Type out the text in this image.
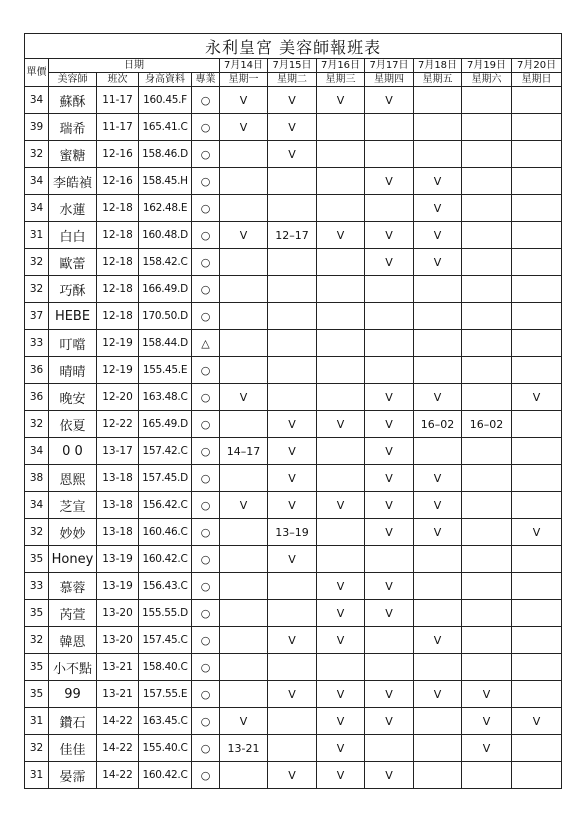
永利皇宮 美容師報班表											
單價	日期				7月14日	7月15日	7月16日	7月17日	7月18日	7月19日	7月20日
	美容師	班次	身高資料	專業	星期一	星期二	星期三	星期四	星期五	星期六	星期日
34	蘇酥	11-17	160.45.F	○	V	V	V	V			
39	瑞希	11-17	165.41.C	○	V	V					
32	蜜糖	12-16	158.46.D	○		V					
34	李皓禎	12-16	158.45.H	○				V	V		
34	水蓮	12-18	162.48.E	○					V		
31	白白	12-18	160.48.D	○	V	12–17	V	V	V		
32	歐蕾	12-18	158.42.C	○				V	V		
32	巧酥	12-18	166.49.D	○							
37	HEBE	12-18	170.50.D	○							
33	叮噹	12-19	158.44.D	△							
36	晴晴	12-19	155.45.E	○							
36	晚安	12-20	163.48.C	○	V			V	V		V
32	依夏	12-22	165.49.D	○		V	V	V	16–02	16–02	
34	0 0	13-17	157.42.C	○	14–17	V		V			
38	恩熙	13-18	157.45.D	○		V		V	V		
34	芝宣	13-18	156.42.C	○	V	V	V	V	V		
32	妙妙	13-18	160.46.C	○		13–19		V	V		V
35	Honey	13-19	160.42.C	○		V					
33	慕蓉	13-19	156.43.C	○			V	V			
35	芮萱	13-20	155.55.D	○			V	V			
32	韓恩	13-20	157.45.C	○		V	V		V		
35	小不點	13-21	158.40.C	○							
35	99	13-21	157.55.E	○		V	V	V	V	V	
31	鑽石	14-22	163.45.C	○	V		V	V		V	V
32	佳佳	14-22	155.40.C	○	13-21		V			V	
31	晏霈	14-22	160.42.C	○		V	V	V			
